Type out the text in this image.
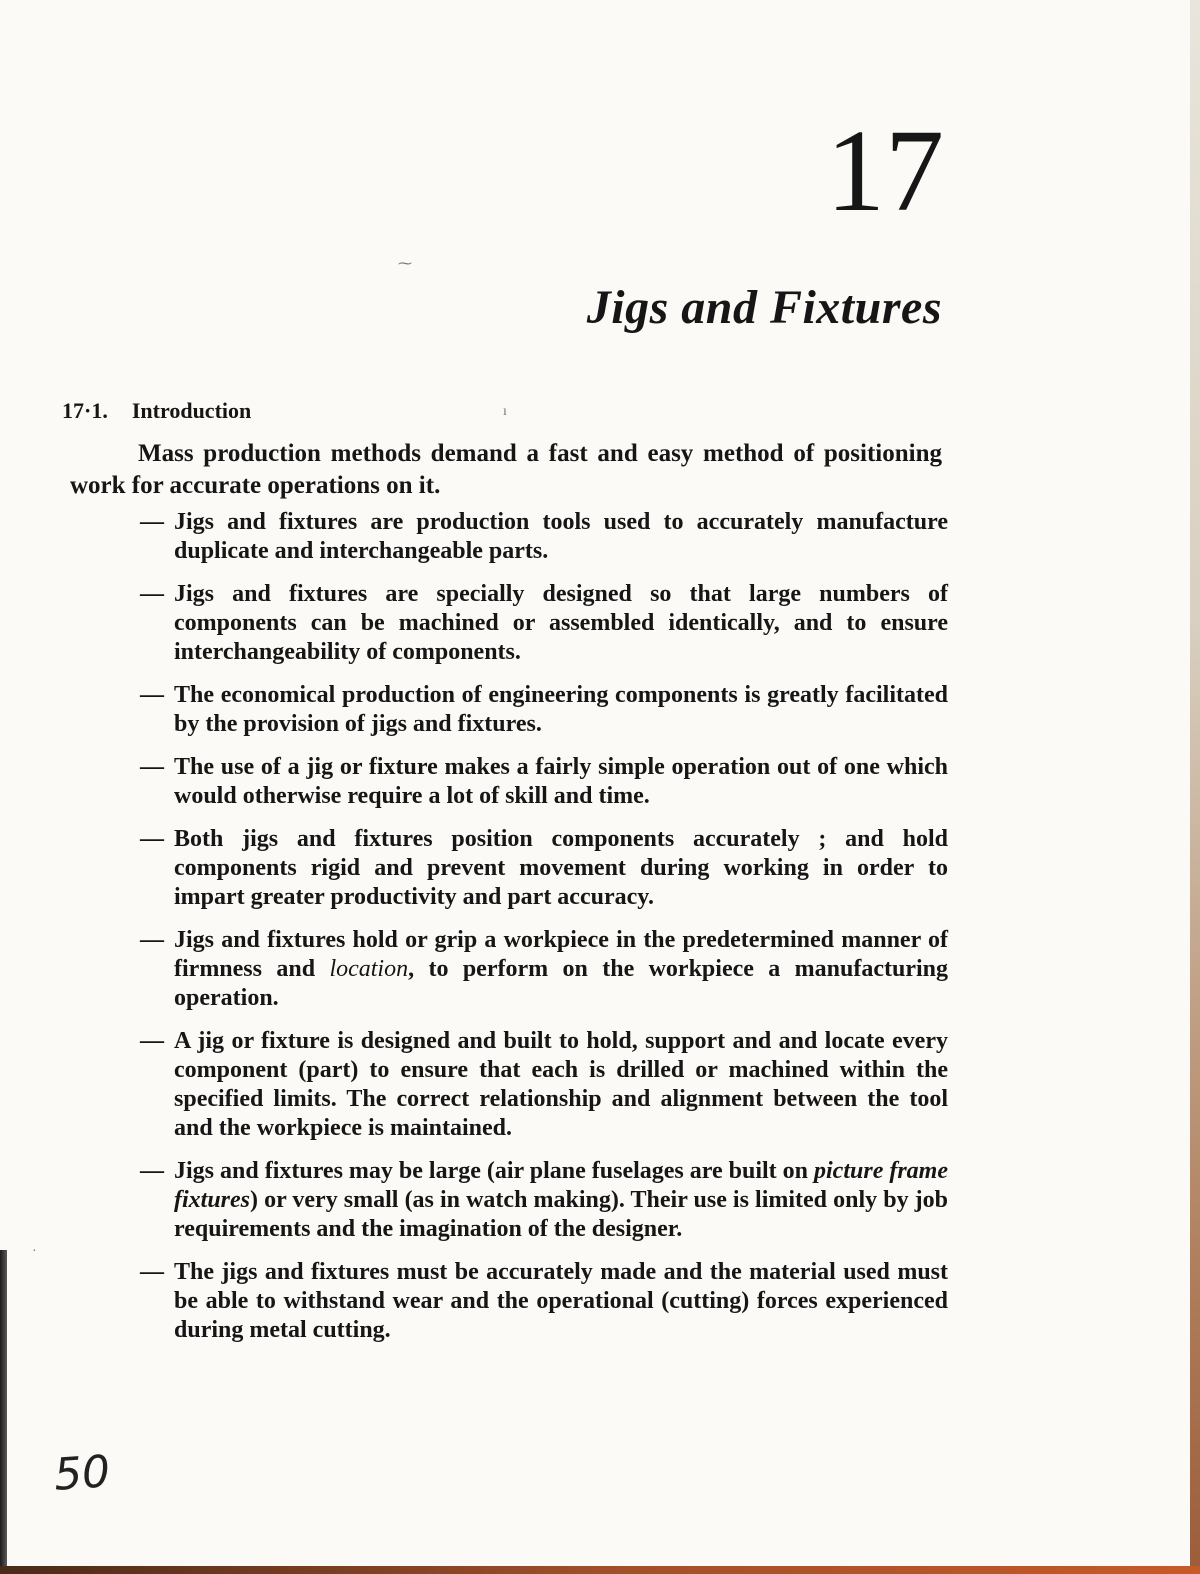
17
Jigs and Fixtures
17·1. Introduction

Mass production methods demand a fast and easy method of positioning work for accurate operations on it.

— Jigs and fixtures are production tools used to accurately manufacture duplicate and interchangeable parts.
— Jigs and fixtures are specially designed so that large numbers of components can be machined or assembled identically, and to ensure interchangeability of components.
— The economical production of engineering components is greatly facilitated by the provision of jigs and fixtures.
— The use of a jig or fixture makes a fairly simple operation out of one which would otherwise require a lot of skill and time.
— Both jigs and fixtures position components accurately ; and hold components rigid and prevent movement during working in order to impart greater productivity and part accuracy.
— Jigs and fixtures hold or grip a workpiece in the predetermined manner of firmness and location, to perform on the workpiece a manufacturing operation.
— A jig or fixture is designed and built to hold, support and and locate every component (part) to ensure that each is drilled or machined within the specified limits. The correct relationship and alignment between the tool and the workpiece is maintained.
— Jigs and fixtures may be large (air plane fuselages are built on picture frame fixtures) or very small (as in watch making). Their use is limited only by job requirements and the imagination of the designer.
— The jigs and fixtures must be accurately made and the material used must be able to withstand wear and the operational (cutting) forces experienced during metal cutting.
50
⁓
ı
·
